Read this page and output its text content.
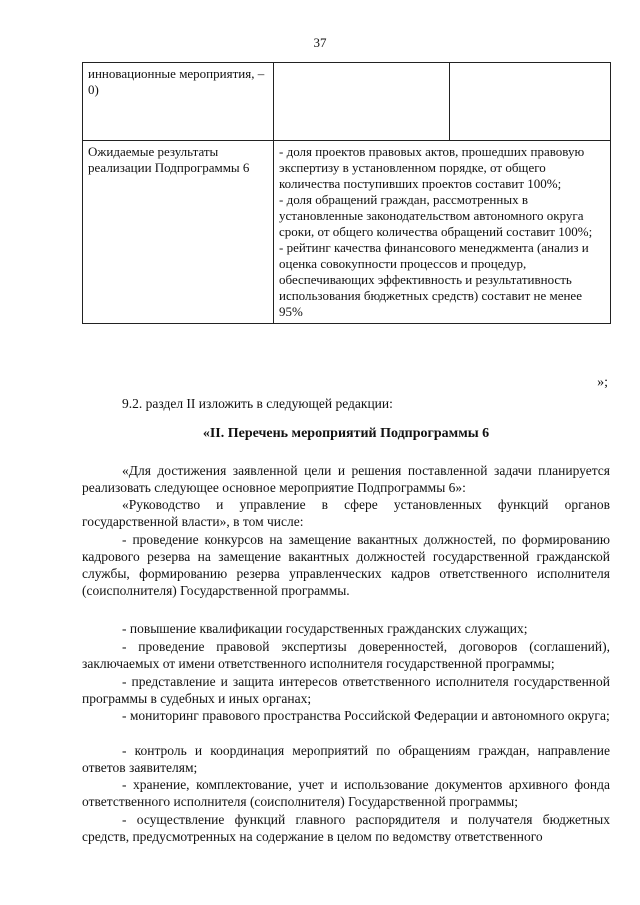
37
инновационные мероприятия, – 0)		
Ожидаемые результаты реализации Подпрограммы 6	- доля проектов правовых актов, прошедших правовую экспертизу в установленном порядке, от общего количества поступивших проектов составит 100%;
- доля обращений граждан, рассмотренных в установленные законодательством автономного округа сроки, от общего количества обращений составит 100%;
- рейтинг качества финансового менеджмента (анализ и оценка совокупности процессов и процедур, обеспечивающих эффективность и результативность использования бюджетных средств) составит не менее 95%	
»;

9.2. раздел II изложить в следующей редакции:

«II. Перечень мероприятий Подпрограммы 6

«Для достижения заявленной цели и решения поставленной задачи планируется реализовать следующее основное мероприятие Подпрограммы 6»:

«Руководство и управление в сфере установленных функций органов государственной власти», в том числе:

- проведение конкурсов на замещение вакантных должностей, по формированию кадрового резерва на замещение вакантных должностей государственной гражданской службы, формированию резерва управленческих кадров ответственного исполнителя (соисполнителя) Государственной программы.

- повышение квалификации государственных гражданских служащих;

- проведение правовой экспертизы доверенностей, договоров (соглашений), заключаемых от имени ответственного исполнителя государственной программы;

- представление и защита интересов ответственного исполнителя государственной программы в судебных и иных органах;

- мониторинг правового пространства Российской Федерации и автономного округа;

- контроль и координация мероприятий по обращениям граждан, направление ответов заявителям;

- хранение, комплектование, учет и использование документов архивного фонда ответственного исполнителя (соисполнителя) Государственной программы;

- осуществление функций главного распорядителя и получателя бюджетных средств, предусмотренных на содержание в целом по ведомству ответственного
